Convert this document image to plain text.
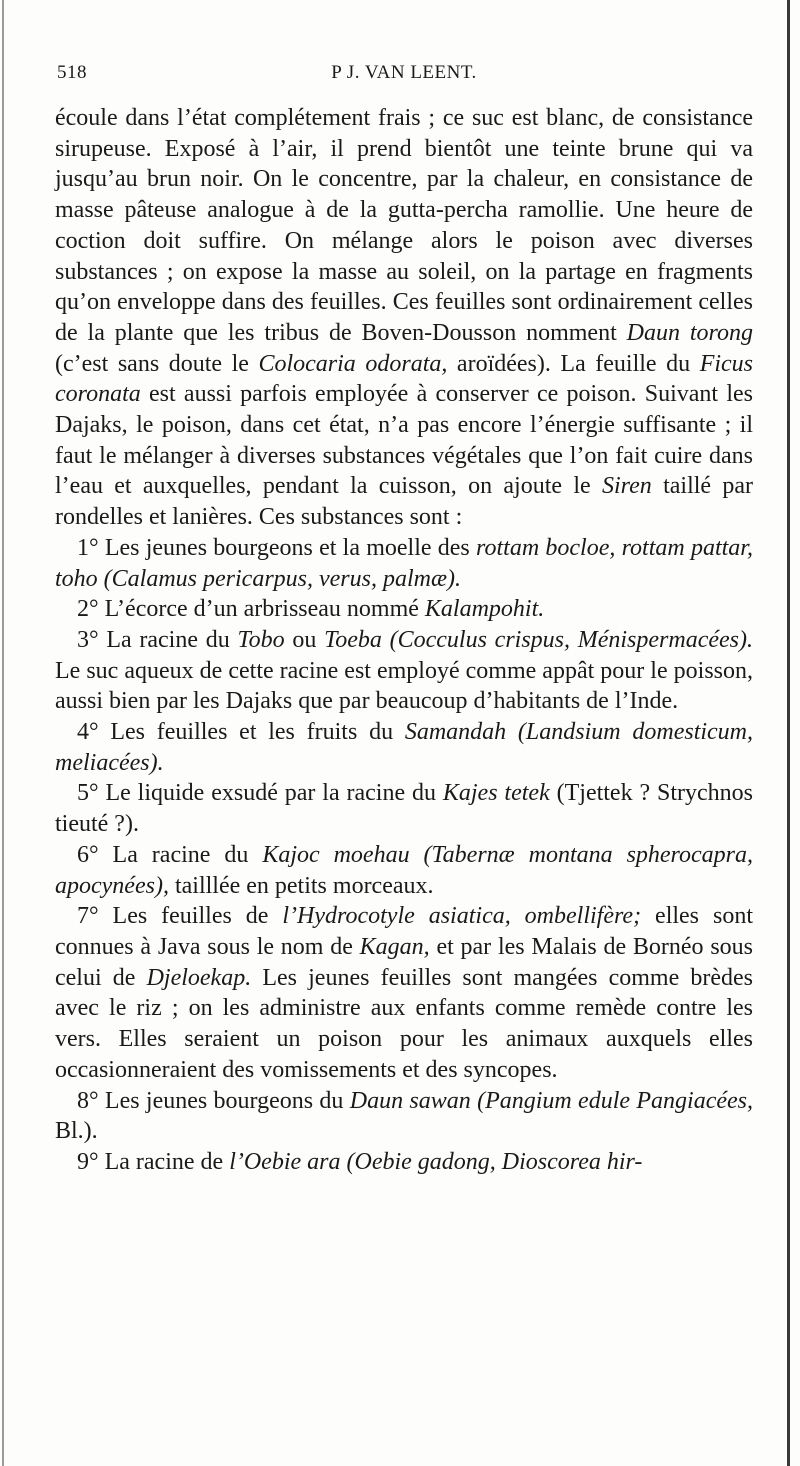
518	P J. VAN LEENT.

écoule dans l’état complétement frais ; ce suc est blanc, de consistance sirupeuse. Exposé à l’air, il prend bientôt une teinte brune qui va jusqu’au brun noir. On le concentre, par la chaleur, en consistance de masse pâteuse analogue à de la gutta-percha ramollie. Une heure de coction doit suffire. On mélange alors le poison avec diverses substances ; on expose la masse au soleil, on la partage en fragments qu’on enveloppe dans des feuilles. Ces feuilles sont ordinairement celles de la plante que les tribus de Boven-Dousson nomment Daun torong (c’est sans doute le Colocaria odorata, aroïdées). La feuille du Ficus coronata est aussi parfois employée à conserver ce poison. Suivant les Dajaks, le poison, dans cet état, n’a pas encore l’énergie suffisante ; il faut le mélanger à diverses substances végétales que l’on fait cuire dans l’eau et auxquelles, pendant la cuisson, on ajoute le Siren taillé par rondelles et lanières. Ces substances sont :

1° Les jeunes bourgeons et la moelle des rottam bocloe, rottam pattar, toho (Calamus pericarpus, verus, palmæ).

2° L’écorce d’un arbrisseau nommé Kalampohit.

3° La racine du Tobo ou Toeba (Cocculus crispus, Ménispermacées). Le suc aqueux de cette racine est employé comme appât pour le poisson, aussi bien par les Dajaks que par beaucoup d’habitants de l’Inde.

4° Les feuilles et les fruits du Samandah (Landsium domesticum, meliacées).

5° Le liquide exsudé par la racine du Kajes tetek (Tjettek ? Strychnos tieuté ?).

6° La racine du Kajoc moehau (Tabernæ montana spherocapra, apocynées), tailllée en petits morceaux.

7° Les feuilles de l’Hydrocotyle asiatica, ombellifère; elles sont connues à Java sous le nom de Kagan, et par les Malais de Bornéo sous celui de Djeloekap. Les jeunes feuilles sont mangées comme brèdes avec le riz ; on les administre aux enfants comme remède contre les vers. Elles seraient un poison pour les animaux auxquels elles occasionneraient des vomissements et des syncopes.

8° Les jeunes bourgeons du Daun sawan (Pangium edule Pangiacées, Bl.).

9° La racine de l’Oebie ara (Oebie gadong, Dioscorea hir-
